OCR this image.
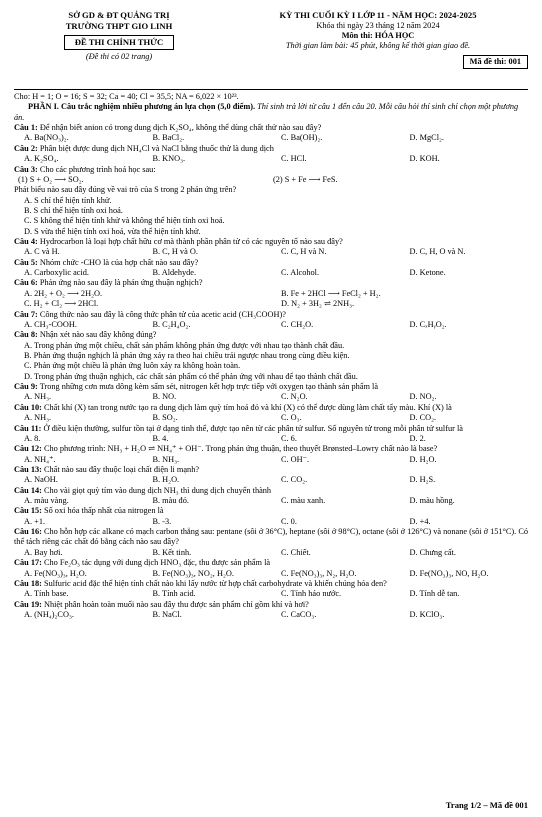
SỞ GD & ĐT QUẢNG TRỊ
TRƯỜNG THPT GIO LINH
ĐỀ THI CHÍNH THỨC
(Đề thi có 02 trang)
KỲ THI CUỐI KỲ I LỚP 11 - NĂM HỌC: 2024-2025
Khóa thi ngày 23 tháng 12 năm 2024
Môn thi: HÓA HỌC
Thời gian làm bài: 45 phút, không kể thời gian giao đề.
Mã đề thi: 001
Cho: H = 1; O = 16; S = 32; Ca = 40; Cl = 35,5; NA = 6,022 × 10²³.
PHẦN I. Câu trắc nghiệm nhiều phương án lựa chọn (5,0 điểm). Thí sinh trả lời từ câu 1 đến câu 20. Mỗi câu hỏi thí sinh chỉ chọn một phương án.
Câu 1: Để nhận biết anion có trong dung dịch K₂SO₄, không thể dùng chất thử nào sau đây?
A. Ba(NO₃)₂.	B. BaCl₂.	C. Ba(OH)₂.	D. MgCl₂.
Câu 2: Phân biệt được dung dịch NH₄Cl và NaCl bằng thuốc thử là dung dịch
A. K₂SO₄.	B. KNO₃.	C. HCl.	D. KOH.
Câu 3: Cho các phương trình hoá học sau:
(1) S + O₂ ⟶ SO₂.	(2) S + Fe ⟶ FeS.
Phát biểu nào sau đây đúng về vai trò của S trong 2 phản ứng trên?
A. S chỉ thể hiện tính khử.
B. S chỉ thể hiện tính oxi hoá.
C. S không thể hiện tính khử và không thể hiện tính oxi hoá.
D. S vừa thể hiện tính oxi hoá, vừa thể hiện tính khử.
Câu 4: Hydrocarbon là loại hợp chất hữu cơ mà thành phần phân tử có các nguyên tố nào sau đây?
A. C và H.	B. C, H và O.	C. C, H và N.	D. C, H, O và N.
Câu 5: Nhóm chức -CHO là của hợp chất nào sau đây?
A. Carboxylic acid.	B. Aldehyde.	C. Alcohol.	D. Ketone.
Câu 6: Phản ứng nào sau đây là phản ứng thuận nghịch?
A. 2H₂ + O₂ ⟶ 2H₂O.	B. Fe + 2HCl ⟶ FeCl₂ + H₂.
C. H₂ + Cl₂ ⟶ 2HCl.	D. N₂ + 3H₂ ⇌ 2NH₃.
Câu 7: Công thức nào sau đây là công thức phân tử của acetic acid (CH₃COOH)?
A. CH₃-COOH.	B. C₂H₄O₂.	C. CH₂O.	D. CₓHᵧO₂.
Câu 8: Nhận xét nào sau đây không đúng?
A. Trong phản ứng một chiều, chất sản phẩm không phản ứng được với nhau tạo thành chất đầu.
B. Phản ứng thuận nghịch là phản ứng xảy ra theo hai chiều trái ngược nhau trong cùng điều kiện.
C. Phản ứng một chiều là phản ứng luôn xảy ra không hoàn toàn.
D. Trong phản ứng thuận nghịch, các chất sản phẩm có thể phản ứng với nhau để tạo thành chất đầu.
Câu 9: Trong những cơn mưa dông kèm sấm sét, nitrogen kết hợp trực tiếp với oxygen tạo thành sản phẩm là
A. NH₃.	B. NO.	C. N₂O.	D. NO₂.
Câu 10: Chất khí (X) tan trong nước tạo ra dung dịch làm quỳ tím hoá đỏ và khí (X) có thể được dùng làm chất tẩy màu. Khí (X) là
A. NH₃.	B. SO₂.	C. O₃.	D. CO₂.
Câu 11: Ở điều kiện thường, sulfur tồn tại ở dạng tinh thể, được tạo nên từ các phân tử sulfur. Số nguyên tử trong mỗi phân tử sulfur là
A. 8.	B. 4.	C. 6.	D. 2.
Câu 12: Cho phương trình: NH₃ + H₂O ⇌ NH₄⁺ + OH⁻. Trong phản ứng thuận, theo thuyết Brønsted–Lowry chất nào là base?
A. NH₄⁺.	B. NH₃.	C. OH⁻.	D. H₂O.
Câu 13: Chất nào sau đây thuộc loại chất điện li mạnh?
A. NaOH.	B. H₂O.	C. CO₂.	D. H₂S.
Câu 14: Cho vài giọt quỳ tím vào dung dịch NH₃ thì dung dịch chuyển thành
A. màu vàng.	B. màu đỏ.	C. màu xanh.	D. màu hồng.
Câu 15: Số oxi hóa thấp nhất của nitrogen là
A. +1.	B. -3.	C. 0.	D. +4.
Câu 16: Cho hỗn hợp các alkane có mạch carbon thẳng sau: pentane (sôi ở 36°C), heptane (sôi ở 98°C), octane (sôi ở 126°C) và nonane (sôi ở 151°C). Có thể tách riêng các chất đó bằng cách nào sau đây?
A. Bay hơi.	B. Kết tinh.	C. Chiết.	D. Chưng cất.
Câu 17: Cho Fe₂O₃ tác dụng với dung dịch HNO₃ đặc, thu được sản phẩm là
A. Fe(NO₃)₃, H₂O.	B. Fe(NO₃)₃, NO₂, H₂O.	C. Fe(NO₃)₃, N₂, H₂O.	D. Fe(NO₃)₃, NO, H₂O.
Câu 18: Sulfuric acid đặc thể hiện tính chất nào khi lấy nước từ hợp chất carbohydrate và khiến chúng hóa đen?
A. Tính base.	B. Tính acid.	C. Tính háo nước.	D. Tính dễ tan.
Câu 19: Nhiệt phân hoàn toàn muối nào sau đây thu được sản phẩm chỉ gồm khí và hơi?
A. (NH₄)₂CO₃.	B. NaCl.	C. CaCO₃.	D. KClO₃.
Trang 1/2 – Mã đề 001
